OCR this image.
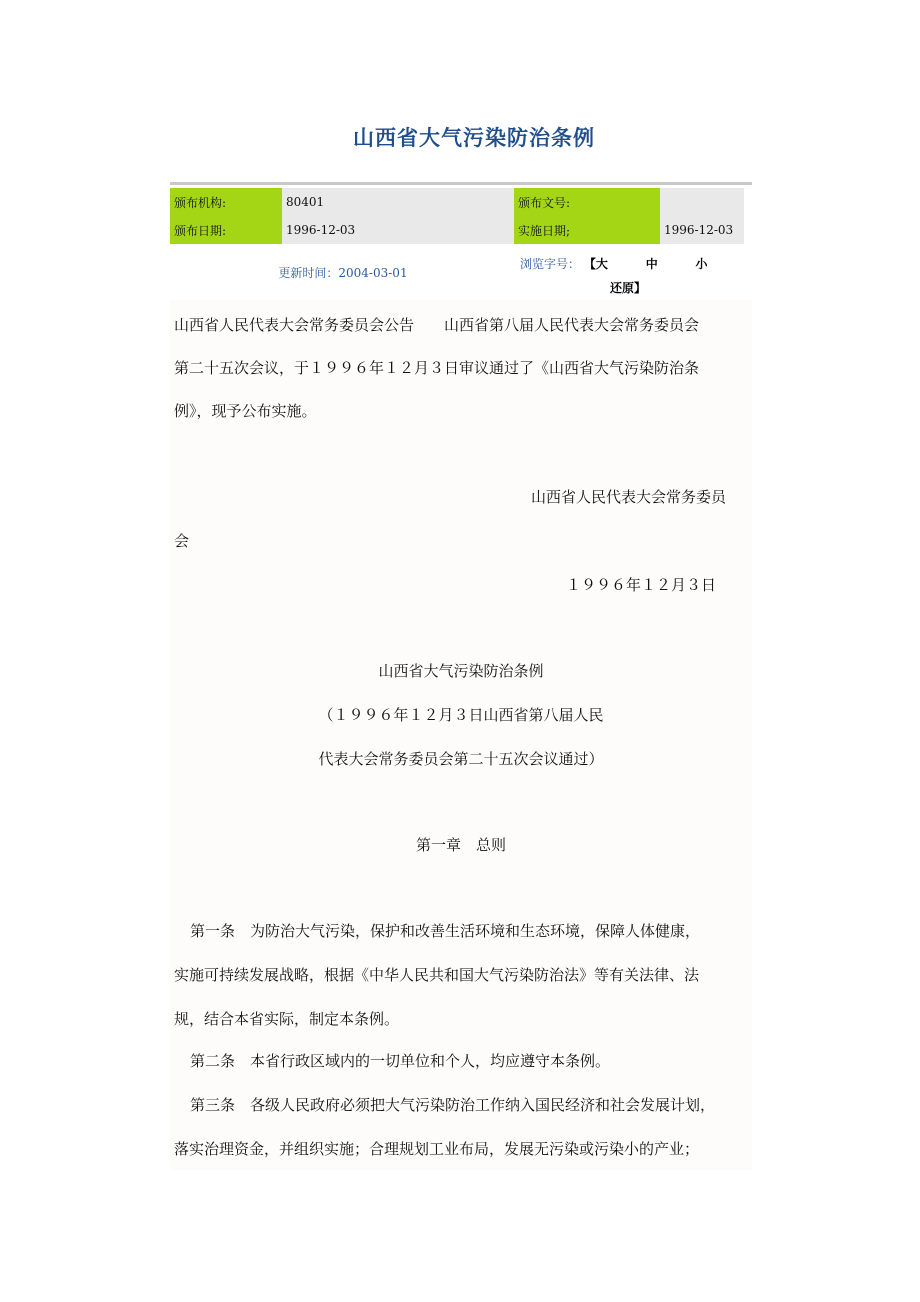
山西省大气污染防治条例
颁布机构:	80401	颁布文号:	
颁布日期:	1996-12-03	实施日期;	1996-12-03
更新时间：2004-03-01
浏览字号： 【大	中	小
还原】
山西省人民代表大会常务委员会公告　　山西省第八届人民代表大会常务委员会
第二十五次会议，于１９９６年１２月３日审议通过了《山西省大气污染防治条
例》，现予公布实施。
山西省人民代表大会常务委员
会
１９９６年１２月３日
山西省大气污染防治条例
（１９９６年１２月３日山西省第八届人民
代表大会常务委员会第二十五次会议通过）
第一章　总则
第一条　为防治大气污染，保护和改善生活环境和生态环境，保障人体健康，
实施可持续发展战略，根据《中华人民共和国大气污染防治法》等有关法律、法
规，结合本省实际，制定本条例。
第二条　本省行政区域内的一切单位和个人，均应遵守本条例。
第三条　各级人民政府必须把大气污染防治工作纳入国民经济和社会发展计划，
落实治理资金，并组织实施；合理规划工业布局，发展无污染或污染小的产业；
